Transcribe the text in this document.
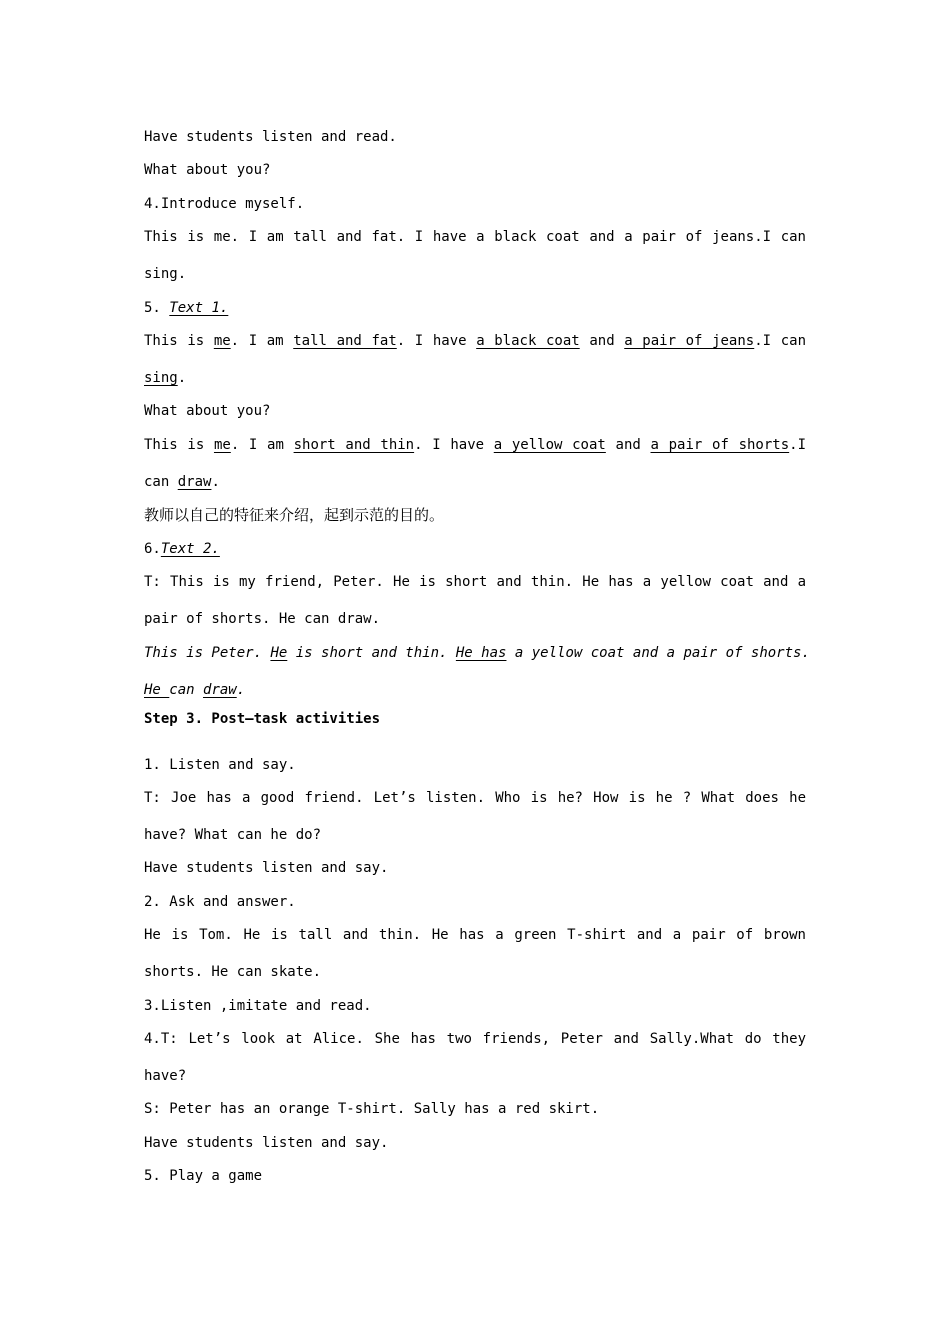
Have students listen and read.

What about you?

4.Introduce myself.

This is me. I am tall and fat. I have a black coat and a pair of jeans.I can

sing.

5. Text 1.

This is me. I am tall and fat. I have a black coat and a pair of jeans.I can

sing.

What about you?

This is me. I am short and thin. I have a yellow coat and a pair of shorts.I

can draw.

教师以自己的特征来介绍，起到示范的目的。

6.Text 2.

T: This is my friend, Peter. He is short and thin. He has a yellow coat and a

pair of shorts. He can draw.

This is Peter. He is short and thin. He has a yellow coat and a pair of shorts.

He can draw.

Step 3. Post—task activities

1. Listen and say.

T: Joe has a good friend. Let’s listen. Who is he? How is he ? What does he

have? What can he do?

Have students listen and say.

2. Ask and answer.

He is Tom. He is tall and thin. He has a green T-shirt and a pair of brown

shorts. He can skate.

3.Listen ,imitate and read.

4.T: Let’s look at Alice. She has two friends, Peter and Sally.What do they

have?

S: Peter has an orange T-shirt. Sally has a red skirt.

Have students listen and say.

5. Play a game
